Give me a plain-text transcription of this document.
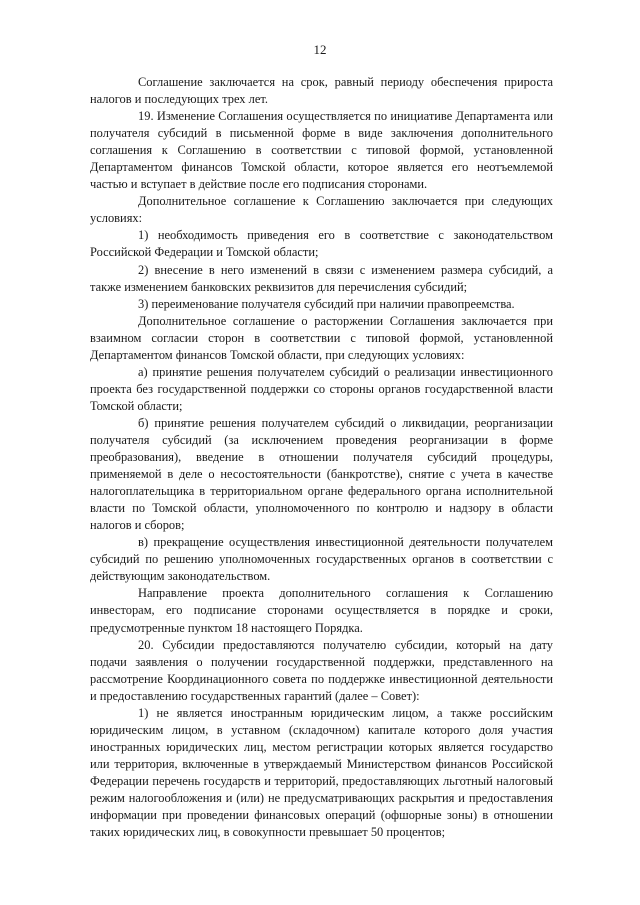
12

Соглашение заключается на срок, равный периоду обеспечения прироста налогов и последующих трех лет.

19. Изменение Соглашения осуществляется по инициативе Департамента или получателя субсидий в письменной форме в виде заключения дополнительного соглашения к Соглашению в соответствии с типовой формой, установленной Департаментом финансов Томской области, которое является его неотъемлемой частью и вступает в действие после его подписания сторонами.

Дополнительное соглашение к Соглашению заключается при следующих условиях:

1) необходимость приведения его в соответствие с законодательством Российской Федерации и Томской области;

2) внесение в него изменений в связи с изменением размера субсидий, а также изменением банковских реквизитов для перечисления субсидий;

3) переименование получателя субсидий при наличии правопреемства.

Дополнительное соглашение о расторжении Соглашения заключается при взаимном согласии сторон в соответствии с типовой формой, установленной Департаментом финансов Томской области, при следующих условиях:

а) принятие решения получателем субсидий о реализации инвестиционного проекта без государственной поддержки со стороны органов государственной власти Томской области;

б) принятие решения получателем субсидий о ликвидации, реорганизации получателя субсидий (за исключением проведения реорганизации в форме преобразования), введение в отношении получателя субсидий процедуры, применяемой в деле о несостоятельности (банкротстве), снятие с учета в качестве налогоплательщика в территориальном органе федерального органа исполнительной власти по Томской области, уполномоченного по контролю и надзору в области налогов и сборов;

в) прекращение осуществления инвестиционной деятельности получателем субсидий по решению уполномоченных государственных органов в соответствии с действующим законодательством.

Направление проекта дополнительного соглашения к Соглашению инвесторам, его подписание сторонами осуществляется в порядке и сроки, предусмотренные пунктом 18 настоящего Порядка.

20. Субсидии предоставляются получателю субсидии, который на дату подачи заявления о получении государственной поддержки, представленного на рассмотрение Координационного совета по поддержке инвестиционной деятельности и предоставлению государственных гарантий (далее – Совет):

1) не является иностранным юридическим лицом, а также российским юридическим лицом, в уставном (складочном) капитале которого доля участия иностранных юридических лиц, местом регистрации которых является государство или территория, включенные в утверждаемый Министерством финансов Российской Федерации перечень государств и территорий, предоставляющих льготный налоговый режим налогообложения и (или) не предусматривающих раскрытия и предоставления информации при проведении финансовых операций (офшорные зоны) в отношении таких юридических лиц, в совокупности превышает 50 процентов;
